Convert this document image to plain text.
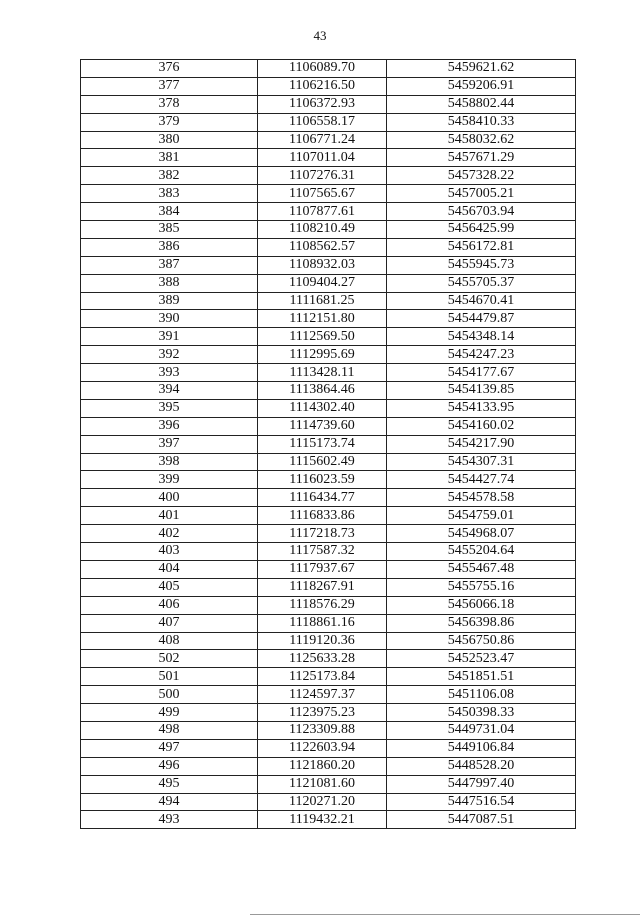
43
376	1106089.70	5459621.62
377	1106216.50	5459206.91
378	1106372.93	5458802.44
379	1106558.17	5458410.33
380	1106771.24	5458032.62
381	1107011.04	5457671.29
382	1107276.31	5457328.22
383	1107565.67	5457005.21
384	1107877.61	5456703.94
385	1108210.49	5456425.99
386	1108562.57	5456172.81
387	1108932.03	5455945.73
388	1109404.27	5455705.37
389	1111681.25	5454670.41
390	1112151.80	5454479.87
391	1112569.50	5454348.14
392	1112995.69	5454247.23
393	1113428.11	5454177.67
394	1113864.46	5454139.85
395	1114302.40	5454133.95
396	1114739.60	5454160.02
397	1115173.74	5454217.90
398	1115602.49	5454307.31
399	1116023.59	5454427.74
400	1116434.77	5454578.58
401	1116833.86	5454759.01
402	1117218.73	5454968.07
403	1117587.32	5455204.64
404	1117937.67	5455467.48
405	1118267.91	5455755.16
406	1118576.29	5456066.18
407	1118861.16	5456398.86
408	1119120.36	5456750.86
502	1125633.28	5452523.47
501	1125173.84	5451851.51
500	1124597.37	5451106.08
499	1123975.23	5450398.33
498	1123309.88	5449731.04
497	1122603.94	5449106.84
496	1121860.20	5448528.20
495	1121081.60	5447997.40
494	1120271.20	5447516.54
493	1119432.21	5447087.51
